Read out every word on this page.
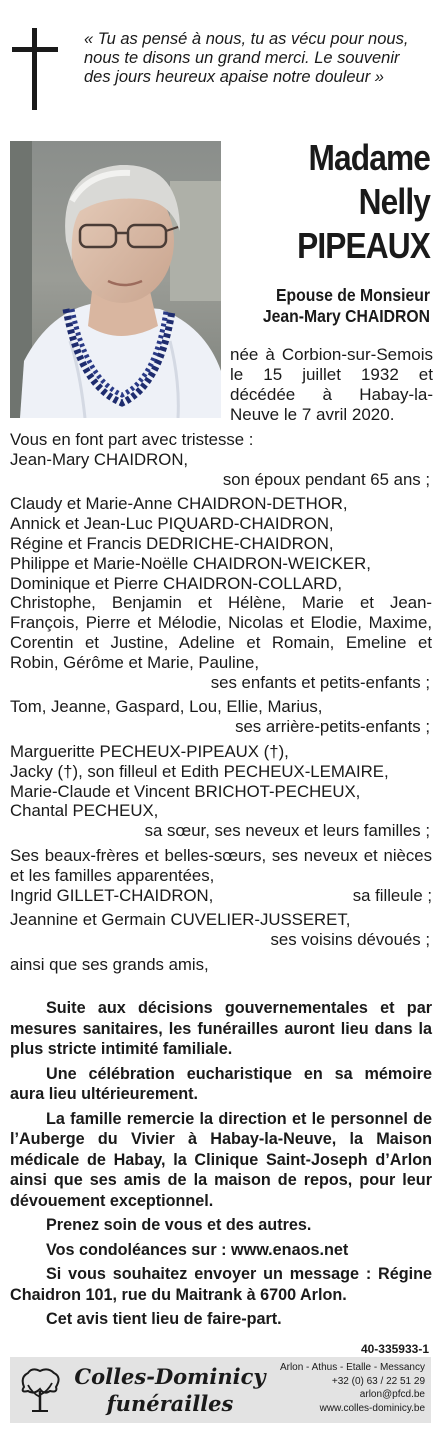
« Tu as pensé à nous, tu as vécu pour nous, nous te disons un grand merci. Le souvenir des jours heureux apaise notre douleur »
Madame
Nelly
PIPEAUX
Epouse de Monsieur
Jean-Mary CHAIDRON
née à Corbion-sur-Semois le 15 juillet 1932 et décédée à Habay-la-Neuve le 7 avril 2020.
Vous en font part avec tristesse :
Jean-Mary CHAIDRON,
son époux pendant 65 ans ;
Claudy et Marie-Anne CHAIDRON-DETHOR,
Annick et Jean-Luc PIQUARD-CHAIDRON,
Régine et Francis DEDRICHE-CHAIDRON,
Philippe et Marie-Noëlle CHAIDRON-WEICKER,
Dominique et Pierre CHAIDRON-COLLARD,
Christophe, Benjamin et Hélène, Marie et Jean-François, Pierre et Mélodie, Nicolas et Elodie, Maxime, Corentin et Justine, Adeline et Romain, Emeline et Robin, Gérôme et Marie, Pauline,
ses enfants et petits-enfants ;
Tom, Jeanne, Gaspard, Lou, Ellie, Marius,
ses arrière-petits-enfants ;
Margueritte PECHEUX-PIPEAUX (†),
Jacky (†), son filleul et Edith PECHEUX-LEMAIRE,
Marie-Claude et Vincent BRICHOT-PECHEUX,
Chantal PECHEUX,
sa sœur, ses neveux et leurs familles ;
Ses beaux-frères et belles-sœurs, ses neveux et nièces et les familles apparentées,
Ingrid GILLET-CHAIDRON,	sa filleule ;
Jeannine et Germain CUVELIER-JUSSERET,
ses voisins dévoués ;
ainsi que ses grands amis,

Suite aux décisions gouvernementales et par mesures sanitaires, les funérailles auront lieu dans la plus stricte intimité familiale.

Une célébration eucharistique en sa mémoire aura lieu ultérieurement.

La famille remercie la direction et le personnel de l’Auberge du Vivier à Habay-la-Neuve, la Maison médicale de Habay, la Clinique Saint-Joseph d’Arlon ainsi que ses amis de la maison de repos, pour leur dévouement exceptionnel.

Prenez soin de vous et des autres.

Vos condoléances sur : www.enaos.net

Si vous souhaitez envoyer un message : Régine Chaidron 101, rue du Maitrank à 6700 Arlon.

Cet avis tient lieu de faire-part.

40-335933-1
Colles-Dominicy
funérailles
Arlon - Athus - Etalle - Messancy
+32 (0) 63 / 22 51 29
arlon@pfcd.be
www.colles-dominicy.be
